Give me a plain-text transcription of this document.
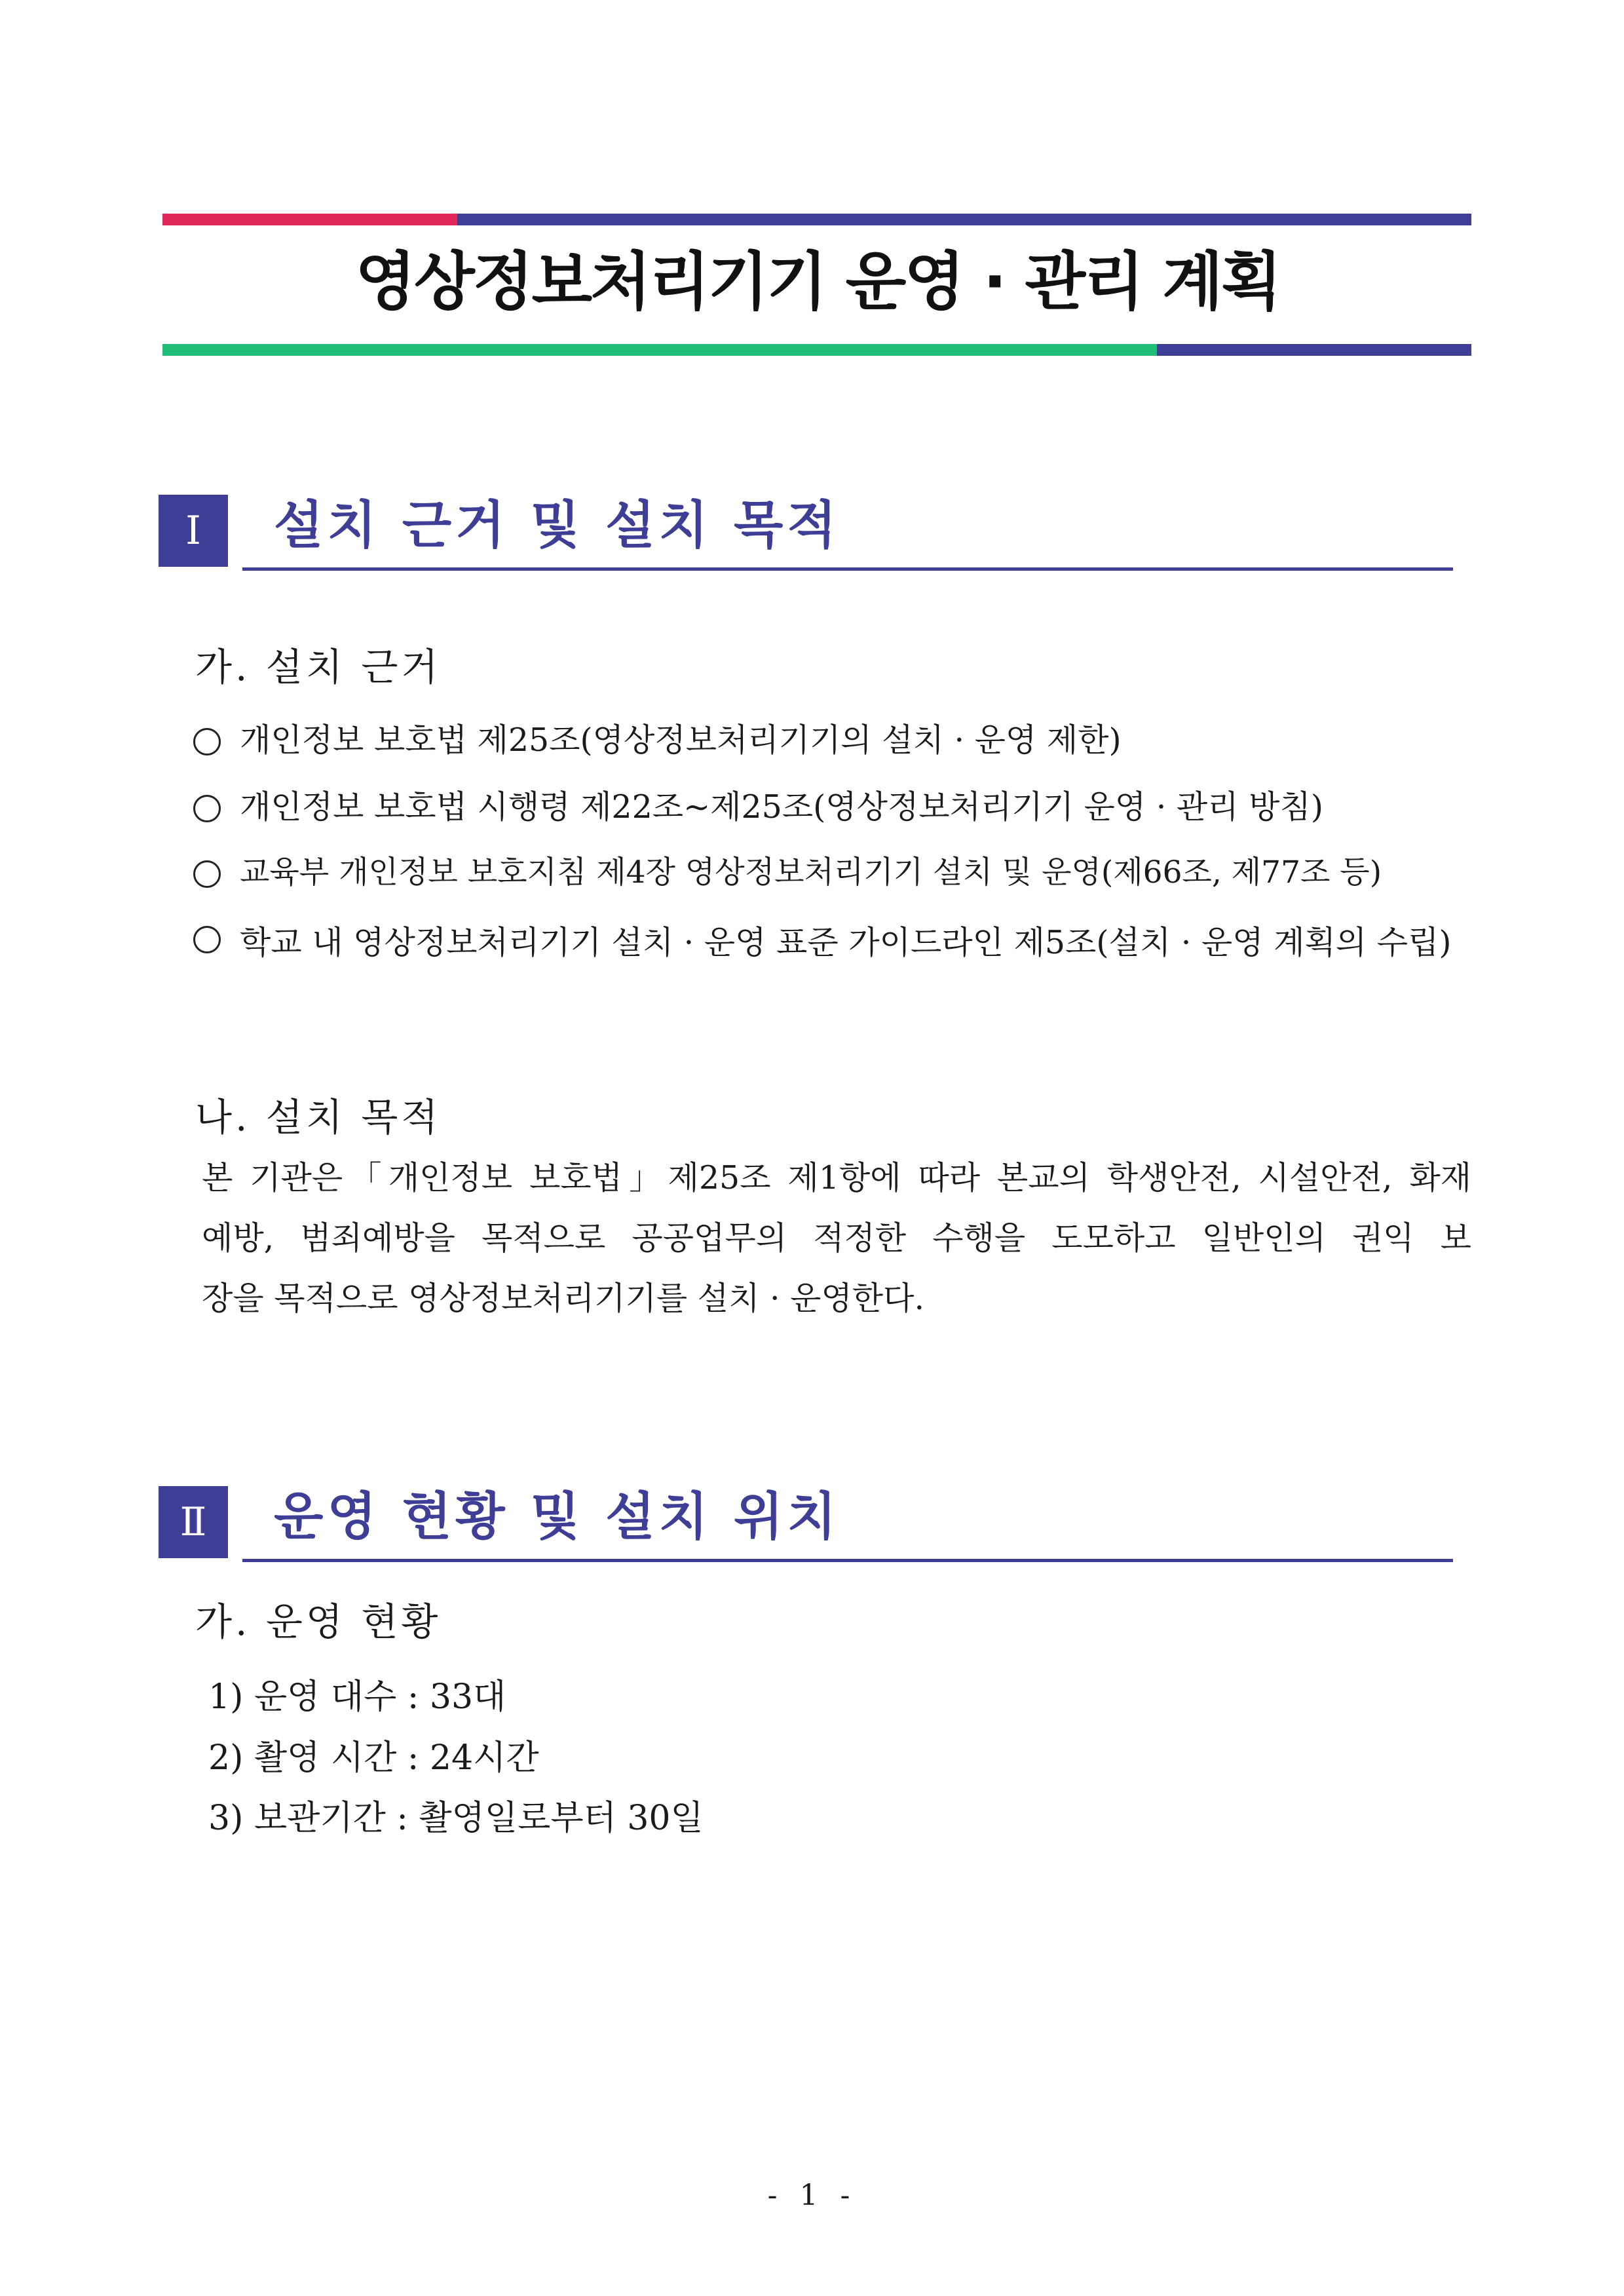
영상정보처리기기 운영 · 관리 계획
Ⅰ	설치 근거 및 설치 목적
가. 설치 근거
개인정보 보호법 제25조(영상정보처리기기의 설치 · 운영 제한)
개인정보 보호법 시행령 제22조~제25조(영상정보처리기기 운영 · 관리 방침)
교육부 개인정보 보호지침 제4장 영상정보처리기기 설치 및 운영(제66조, 제77조 등)
학교 내 영상정보처리기기 설치 · 운영 표준 가이드라인 제5조(설치 · 운영 계획의 수립)
나. 설치 목적
본 기관은「개인정보 보호법」제25조 제1항에 따라 본교의 학생안전, 시설안전, 화재
예방, 범죄예방을 목적으로 공공업무의 적정한 수행을 도모하고 일반인의 권익 보
장을 목적으로 영상정보처리기기를 설치 · 운영한다.
Ⅱ	운영 현황 및 설치 위치
가. 운영 현황
1) 운영 대수 : 33대
2) 촬영 시간 : 24시간
3) 보관기간 : 촬영일로부터 30일
- 1 -
